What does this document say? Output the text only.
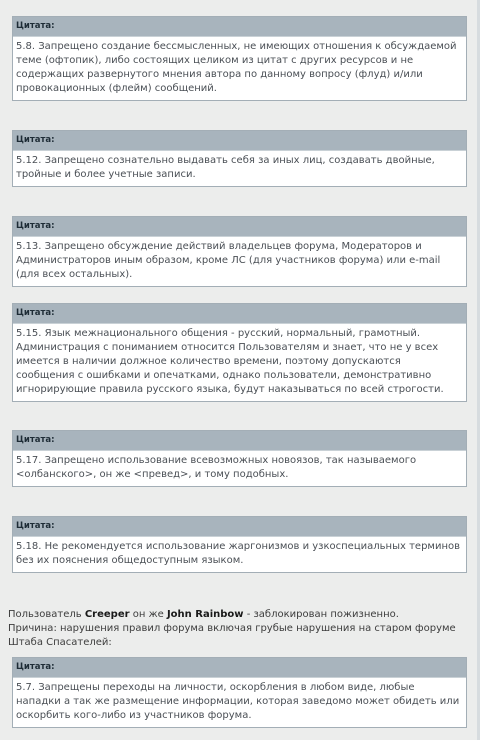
Цитата:
5.8. Запрещено создание бессмысленных, не имеющих отношения к обсуждаемой теме (офтопик), либо состоящих целиком из цитат с других ресурсов и не содержащих развернутого мнения автора по данному вопросу (флуд) и/или провокационных (флейм) сообщений.
Цитата:
5.12. Запрещено сознательно выдавать себя за иных лиц, создавать двойные, тройные и более учетные записи.
Цитата:
5.13. Запрещено обсуждение действий владельцев форума, Модераторов и Администраторов иным образом, кроме ЛС (для участников форума) или e-mail (для всех остальных).
Цитата:
5.15. Язык межнационального общения - русский, нормальный, грамотный. Администрация с пониманием относится Пользователям и знает, что не у всех имеется в наличии должное количество времени, поэтому допускаются сообщения с ошибками и опечатками, однако пользователи, демонстративно игнорирующие правила русского языка, будут наказываться по всей строгости.
Цитата:
5.17. Запрещено использование всевозможных новоязов, так называемого <олбанского>, он же <превед>, и тому подобных.
Цитата:
5.18. Не рекомендуется использование жаргонизмов и узкоспециальных терминов без их пояснения общедоступным языком.
Пользователь Creeper он же John Rainbow - заблокирован пожизненно.
Причина: нарушения правил форума включая грубые нарушения на старом форуме Штаба Спасателей:
Цитата:
5.7. Запрещены переходы на личности, оскорбления в любом виде, любые нападки а так же размещение информации, которая заведомо может обидеть или оскорбить кого-либо из участников форума.
